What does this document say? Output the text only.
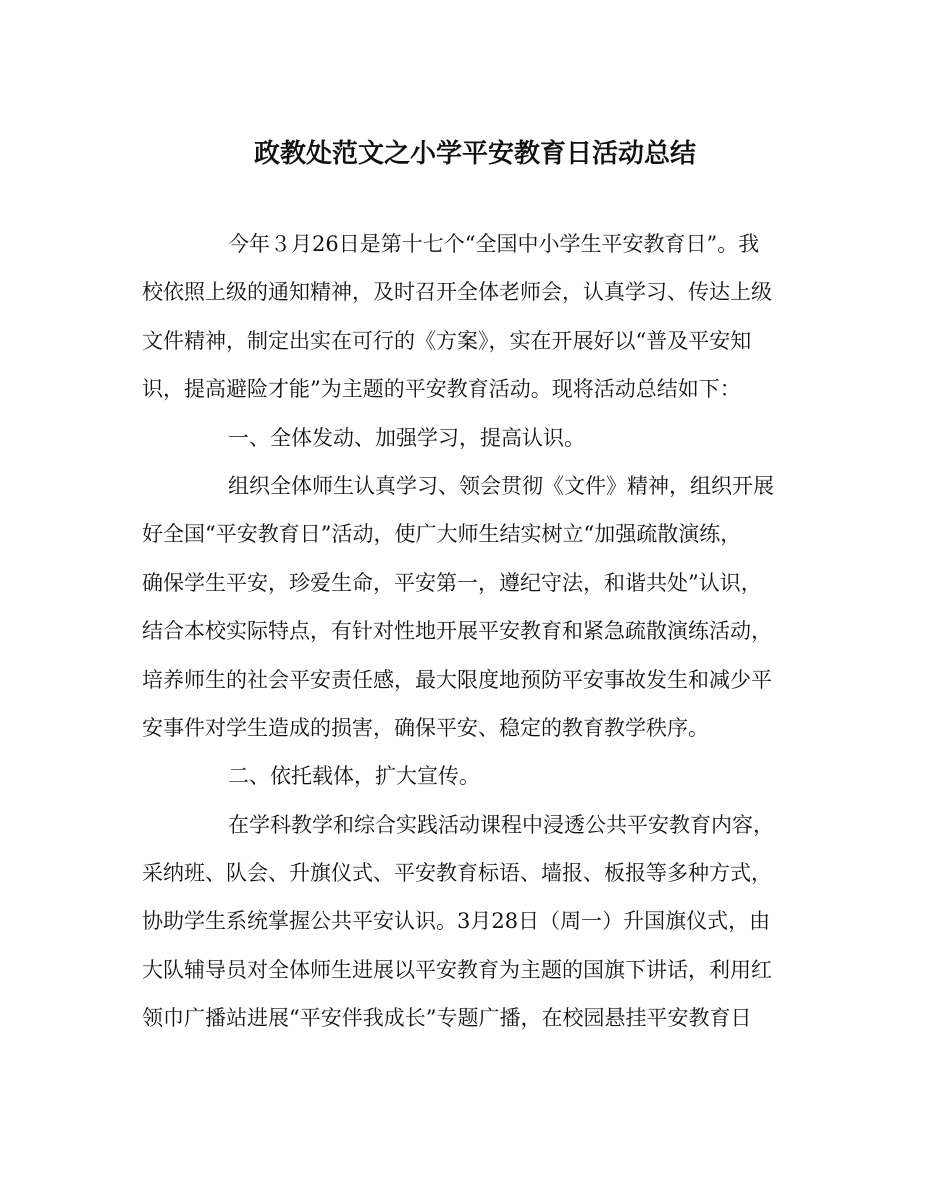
政教处范文之小学平安教育日活动总结
今年３月26日是第十七个“全国中小学生平安教育日”。我
校依照上级的通知精神，及时召开全体老师会，认真学习、传达上级
文件精神，制定出实在可行的《方案》，实在开展好以“普及平安知
识，提高避险才能”为主题的平安教育活动。现将活动总结如下：
一、全体发动、加强学习，提高认识。
组织全体师生认真学习、领会贯彻《文件》精神，组织开展
好全国“平安教育日”活动，使广大师生结实树立“加强疏散演练，
确保学生平安，珍爱生命，平安第一，遵纪守法，和谐共处”认识，
结合本校实际特点，有针对性地开展平安教育和紧急疏散演练活动，
培养师生的社会平安责任感，最大限度地预防平安事故发生和减少平
安事件对学生造成的损害，确保平安、稳定的教育教学秩序。
二、依托载体，扩大宣传。
在学科教学和综合实践活动课程中浸透公共平安教育内容，
采纳班、队会、升旗仪式、平安教育标语、墙报、板报等多种方式，
协助学生系统掌握公共平安认识。3月28日（周一）升国旗仪式，由
大队辅导员对全体师生进展以平安教育为主题的国旗下讲话，利用红
领巾广播站进展“平安伴我成长”专题广播，在校园悬挂平安教育日
